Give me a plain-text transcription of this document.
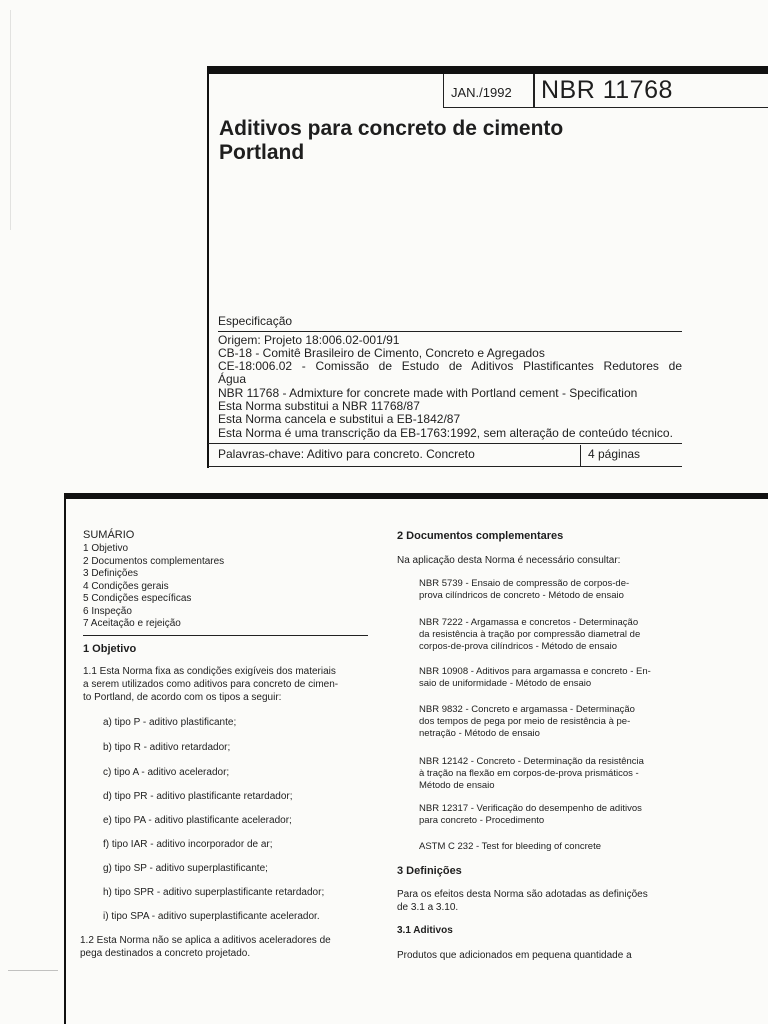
JAN./1992 NBR 11768
Aditivos para concreto de cimento
Portland
Especificação
Origem: Projeto 18:006.02-001/91
CB-18 - Comitê Brasileiro de Cimento, Concreto e Agregados
CE-18:006.02 - Comissão de Estudo de Aditivos Plastificantes Redutores de
Água
NBR 11768 - Admixture for concrete made with Portland cement - Specification
Esta Norma substitui a NBR 11768/87
Esta Norma cancela e substitui a EB-1842/87
Esta Norma é uma transcrição da EB-1763:1992, sem alteração de conteúdo técnico.
Palavras-chave: Aditivo para concreto. Concreto	4 páginas
SUMÁRIO
1 Objetivo
2 Documentos complementares
3 Definições
4 Condições gerais
5 Condições específicas
6 Inspeção
7 Aceitação e rejeição
1 Objetivo
1.1 Esta Norma fixa as condições exigíveis dos materiais
a serem utilizados como aditivos para concreto de cimen-
to Portland, de acordo com os tipos a seguir:
a) tipo P - aditivo plastificante;
b) tipo R - aditivo retardador;
c) tipo A - aditivo acelerador;
d) tipo PR - aditivo plastificante retardador;
e) tipo PA - aditivo plastificante acelerador;
f) tipo IAR - aditivo incorporador de ar;
g) tipo SP - aditivo superplastificante;
h) tipo SPR - aditivo superplastificante retardador;
i) tipo SPA - aditivo superplastificante acelerador.
1.2 Esta Norma não se aplica a aditivos aceleradores de
pega destinados a concreto projetado.
2 Documentos complementares
Na aplicação desta Norma é necessário consultar:
NBR 5739 - Ensaio de compressão de corpos-de-
prova cilíndricos de concreto - Método de ensaio
NBR 7222 - Argamassa e concretos - Determinação
da resistência à tração por compressão diametral de
corpos-de-prova cilíndricos - Método de ensaio
NBR 10908 - Aditivos para argamassa e concreto - En-
saio de uniformidade - Método de ensaio
NBR 9832 - Concreto e argamassa - Determinação
dos tempos de pega por meio de resistência à pe-
netração - Método de ensaio
NBR 12142 - Concreto - Determinação da resistência
à tração na flexão em corpos-de-prova prismáticos -
Método de ensaio
NBR 12317 - Verificação do desempenho de aditivos
para concreto - Procedimento
ASTM C 232 - Test for bleeding of concrete
3 Definições
Para os efeitos desta Norma são adotadas as definições
de 3.1 a 3.10.
3.1 Aditivos
Produtos que adicionados em pequena quantidade a
